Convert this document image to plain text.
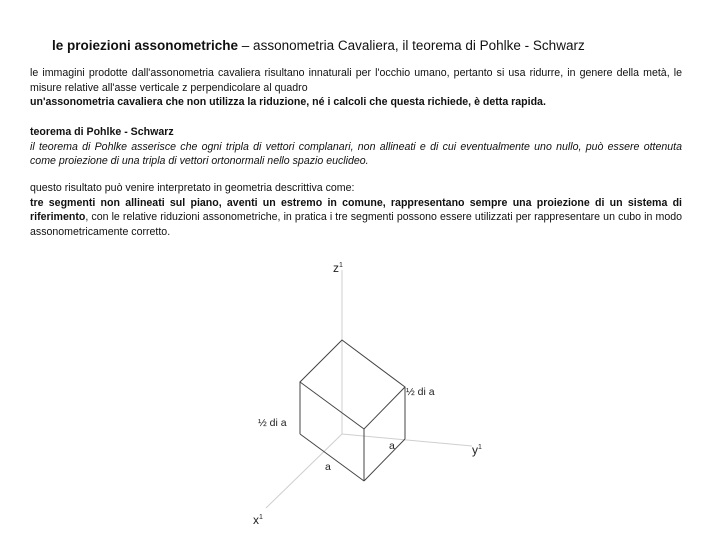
le proiezioni assonometriche – assonometria Cavaliera, il teorema di Pohlke - Schwarz

le immagini prodotte dall'assonometria cavaliera risultano innaturali per l'occhio umano, pertanto si usa ridurre, in genere della metà, le misure relative all'asse verticale z perpendicolare al quadro

un'assonometria cavaliera che non utilizza la riduzione, né i calcoli che questa richiede, è detta rapida.

teorema di Pohlke - Schwarz

il teorema di Pohlke asserisce che ogni tripla di vettori complanari, non allineati e di cui eventualmente uno nullo, può essere ottenuta come proiezione di una tripla di vettori ortonormali nello spazio euclideo.

questo risultato può venire interpretato in geometria descrittiva come:

tre segmenti non allineati sul piano, aventi un estremo in comune, rappresentano sempre una proiezione di un sistema di riferimento, con le relative riduzioni assonometriche, in pratica i tre segmenti possono essere utilizzati per rappresentare un cubo in modo assonometricamente corretto.

$z^1$
$y^1$
$x^1$
½ di a
½ di a
a
a
